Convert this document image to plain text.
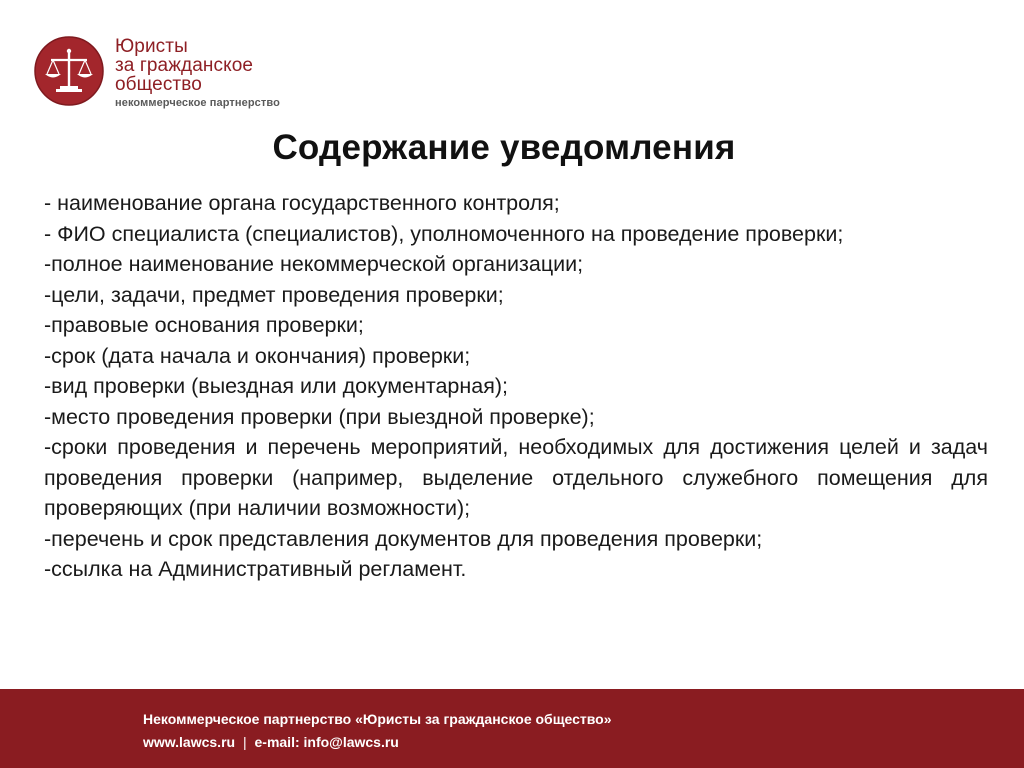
Юристы
за гражданское
общество
некоммерческое партнерство
Содержание уведомления
- наименование органа государственного контроля;
- ФИО специалиста (специалистов), уполномоченного на проведение проверки;
-полное наименование некоммерческой организации;
-цели, задачи, предмет проведения проверки;
-правовые основания проверки;
-срок (дата начала и окончания) проверки;
-вид проверки (выездная или документарная);
-место проведения проверки (при выездной проверке);
-сроки проведения и перечень мероприятий, необходимых для достижения целей и задач проведения проверки (например, выделение отдельного служебного помещения для проверяющих (при наличии возможности);
-перечень и срок представления документов для проведения проверки;
-ссылка на Административный регламент.
Некоммерческое партнерство «Юристы за гражданское общество»
www.lawcs.ru | e-mail: info@lawcs.ru
